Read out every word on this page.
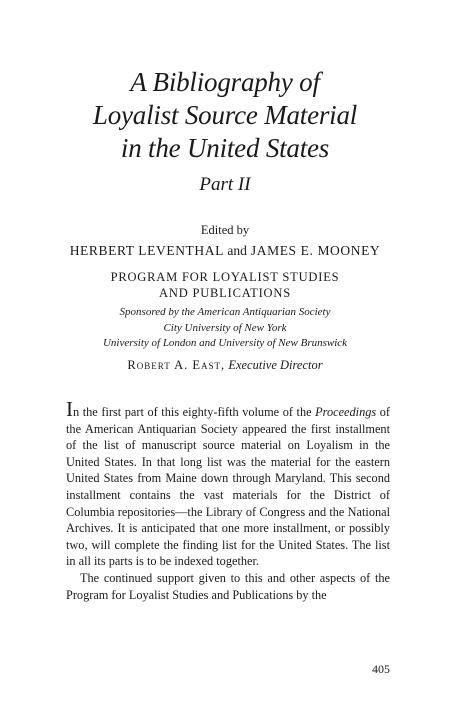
A Bibliography of
Loyalist Source Material
in the United States
Part II
Edited by
HERBERT LEVENTHAL and JAMES E. MOONEY
PROGRAM FOR LOYALIST STUDIES
AND PUBLICATIONS
Sponsored by the American Antiquarian Society
City University of New York
University of London and University of New Brunswick
Robert A. East, Executive Director

In the first part of this eighty-fifth volume of the Proceedings of the American Antiquarian Society appeared the first installment of the list of manuscript source material on Loyalism in the United States. In that long list was the material for the eastern United States from Maine down through Maryland. This second installment contains the vast materials for the District of Columbia repositories—the Library of Congress and the National Archives. It is anticipated that one more installment, or possibly two, will complete the finding list for the United States. The list in all its parts is to be indexed together.

The continued support given to this and other aspects of the Program for Loyalist Studies and Publications by the

405
